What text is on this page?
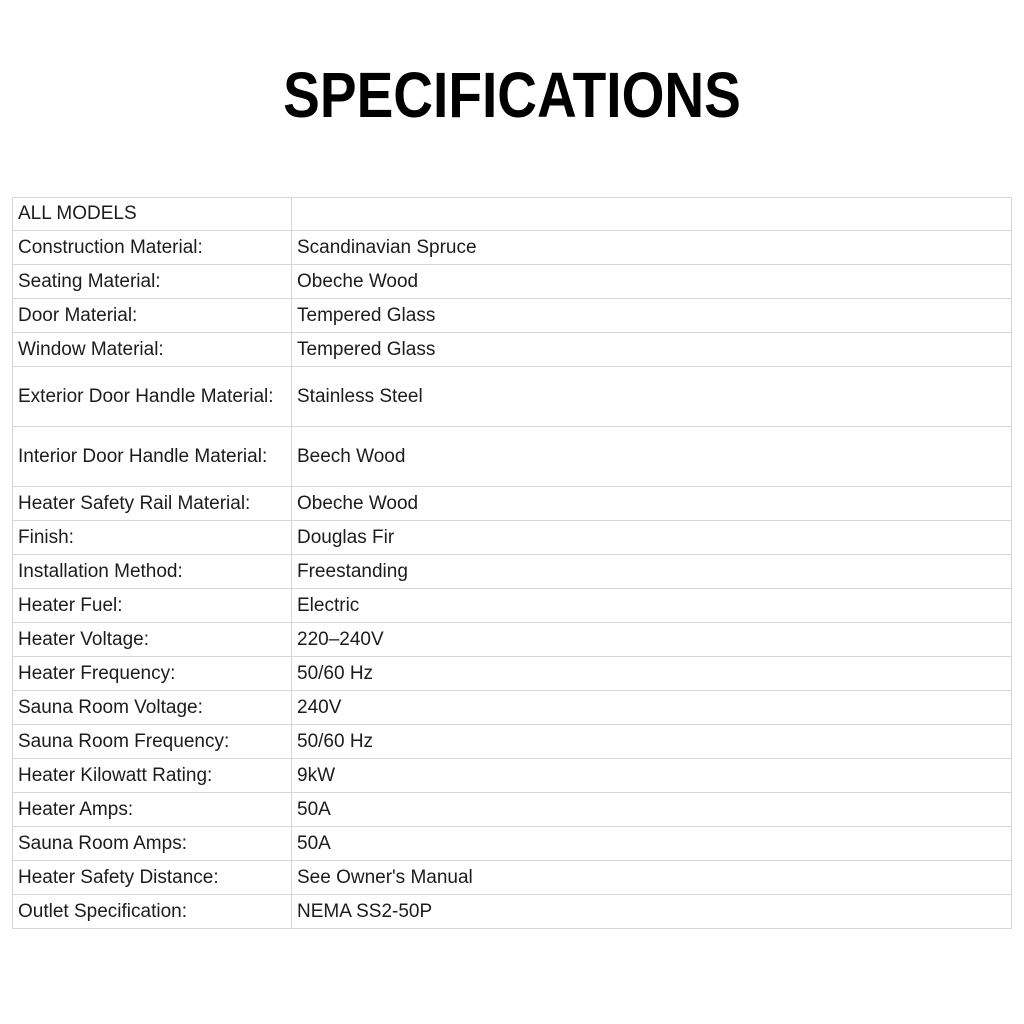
SPECIFICATIONS
ALL MODELS	
Construction Material:	Scandinavian Spruce
Seating Material:	Obeche Wood
Door Material:	Tempered Glass
Window Material:	Tempered Glass
Exterior Door Handle Material:	Stainless Steel
Interior Door Handle Material:	Beech Wood
Heater Safety Rail Material:	Obeche Wood
Finish:	Douglas Fir
Installation Method:	Freestanding
Heater Fuel:	Electric
Heater Voltage:	220–240V
Heater Frequency:	50/60 Hz
Sauna Room Voltage:	240V
Sauna Room Frequency:	50/60 Hz
Heater Kilowatt Rating:	9kW
Heater Amps:	50A
Sauna Room Amps:	50A
Heater Safety Distance:	See Owner's Manual
Outlet Specification:	NEMA SS2-50P
